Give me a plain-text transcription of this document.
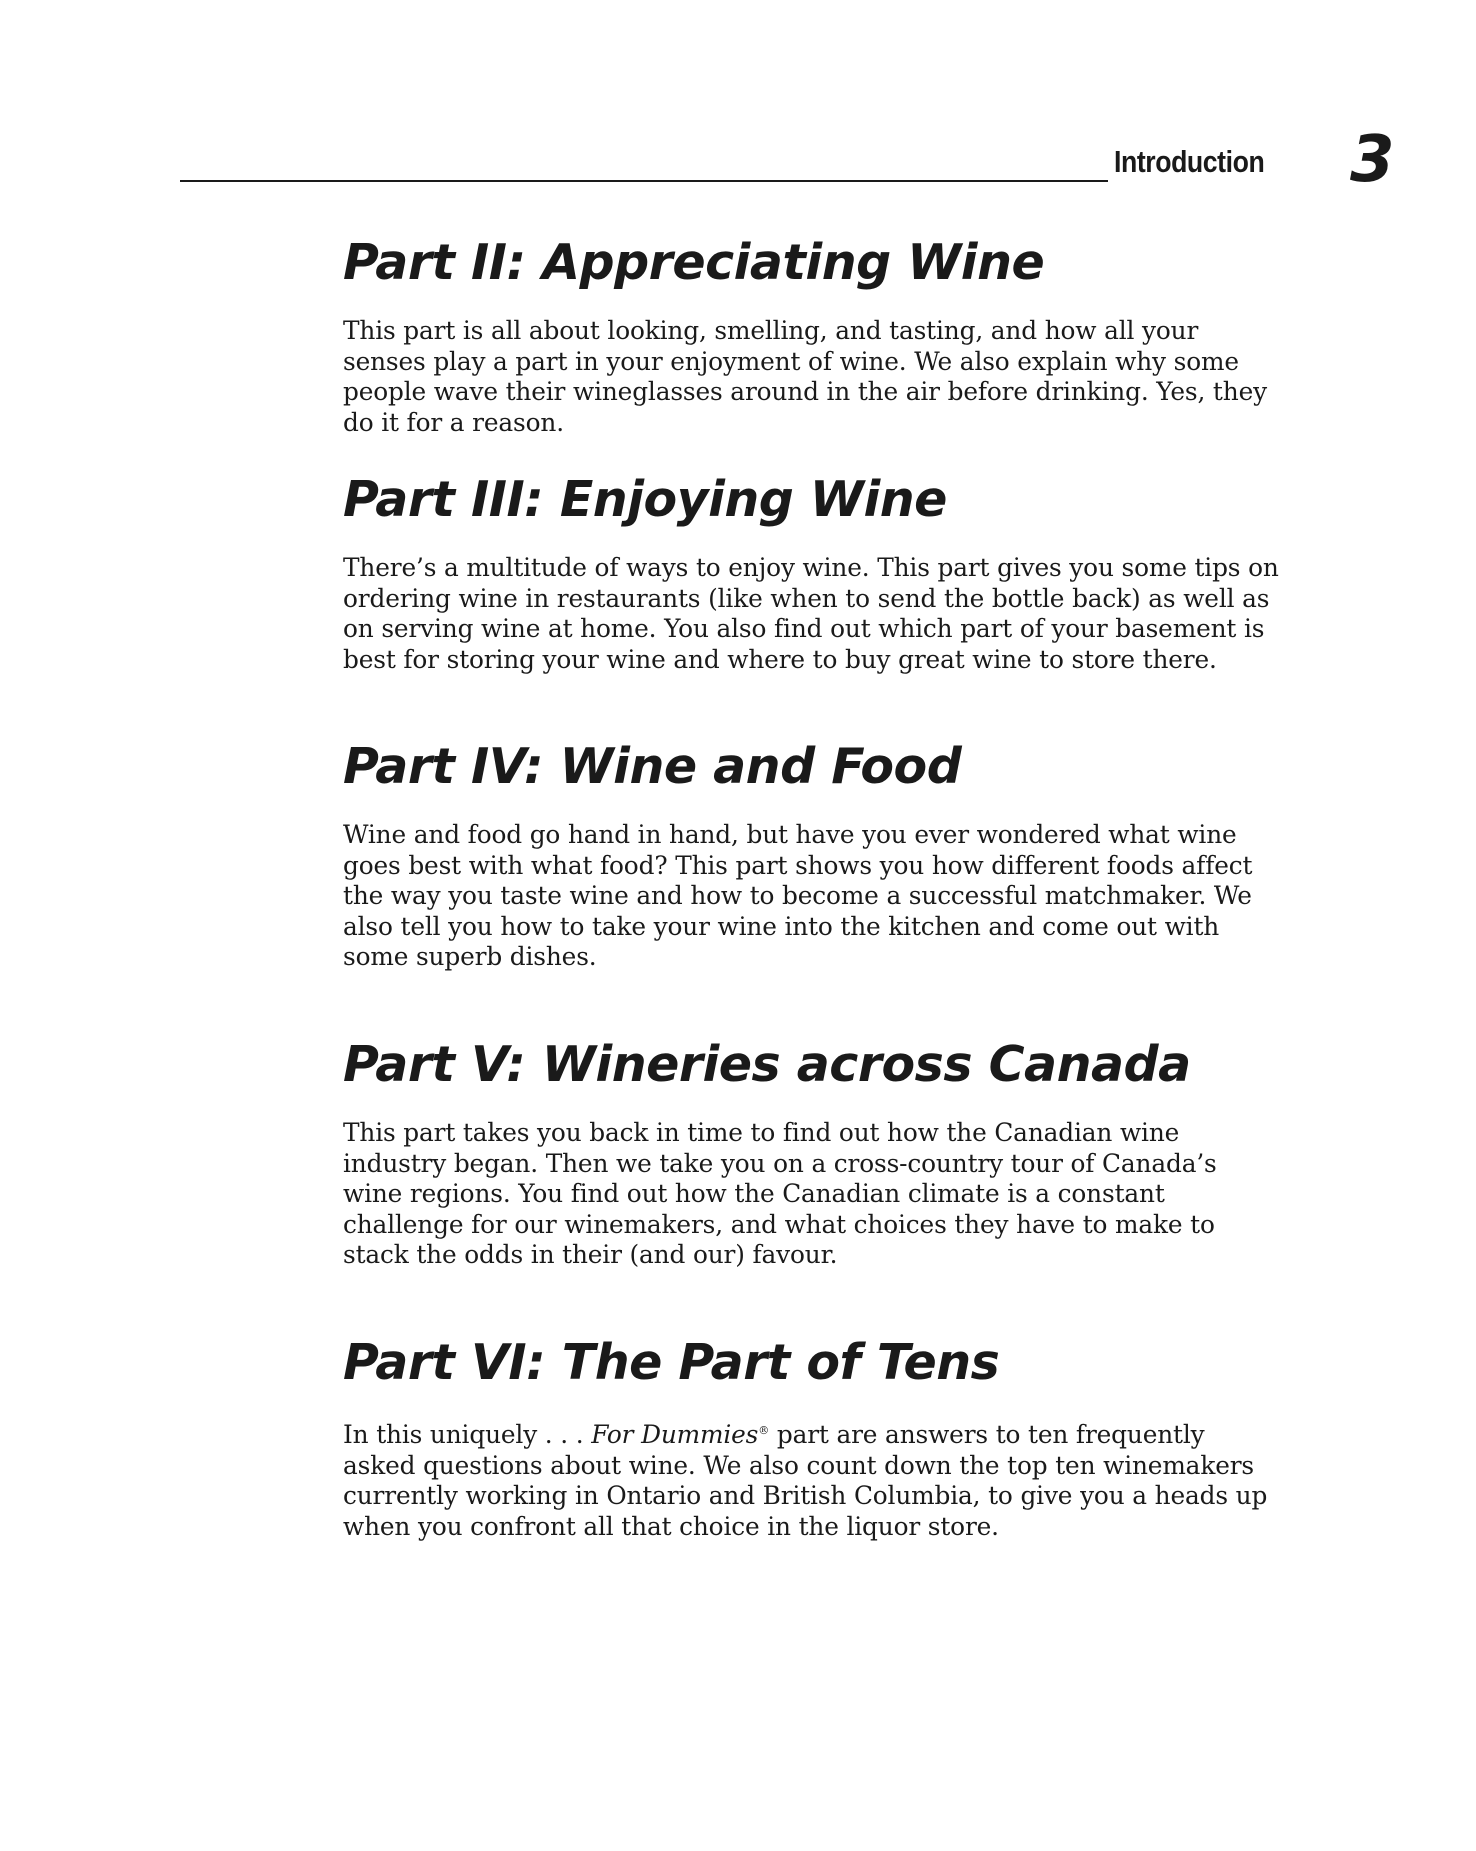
Introduction 3
Part II: Appreciating Wine

This part is all about looking, smelling, and tasting, and how all your senses play a part in your enjoyment of wine. We also explain why some people wave their wineglasses around in the air before drinking. Yes, they do it for a reason.

Part III: Enjoying Wine

There’s a multitude of ways to enjoy wine. This part gives you some tips on ordering wine in restaurants (like when to send the bottle back) as well as on serving wine at home. You also find out which part of your basement is best for storing your wine and where to buy great wine to store there.

Part IV: Wine and Food

Wine and food go hand in hand, but have you ever wondered what wine goes best with what food? This part shows you how different foods affect the way you taste wine and how to become a successful matchmaker. We also tell you how to take your wine into the kitchen and come out with some superb dishes.

Part V: Wineries across Canada

This part takes you back in time to find out how the Canadian wine industry began. Then we take you on a cross-country tour of Canada’s wine regions. You find out how the Canadian climate is a constant challenge for our winemakers, and what choices they have to make to stack the odds in their (and our) favour.

Part VI: The Part of Tens

In this uniquely . . . For Dummies® part are answers to ten frequently asked questions about wine. We also count down the top ten winemakers currently working in Ontario and British Columbia, to give you a heads up when you confront all that choice in the liquor store.
